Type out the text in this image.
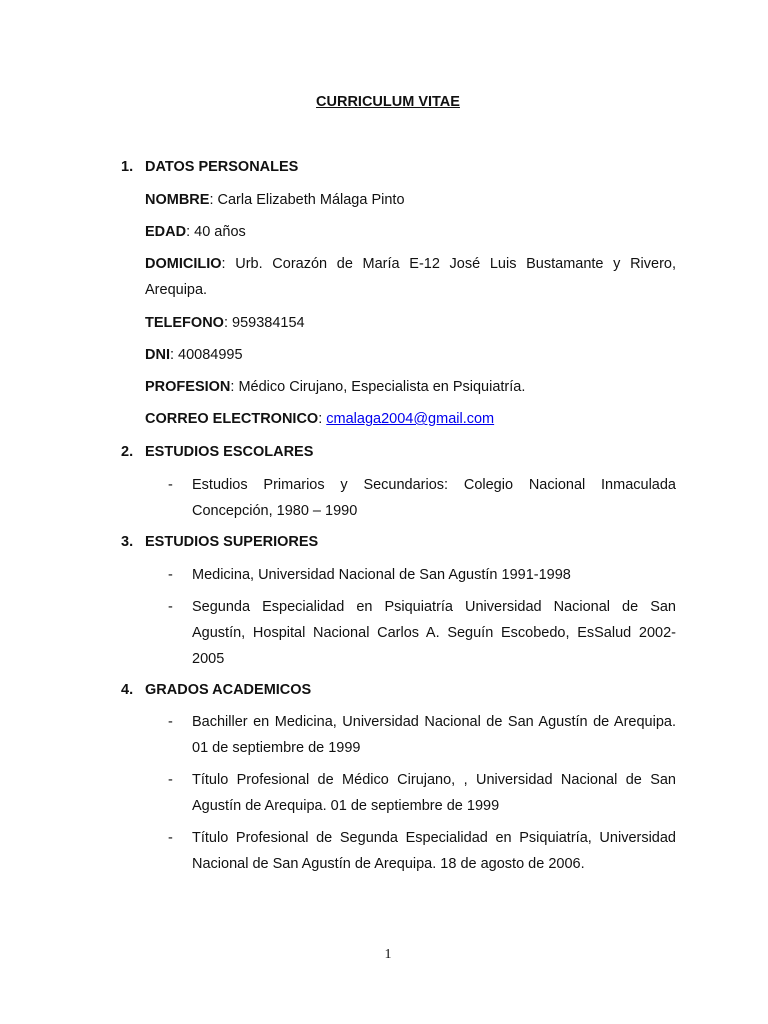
CURRICULUM VITAE
1. DATOS PERSONALES
NOMBRE: Carla Elizabeth Málaga Pinto
EDAD: 40 años
DOMICILIO: Urb. Corazón de María E-12 José Luis Bustamante y Rivero, Arequipa.
TELEFONO: 959384154
DNI: 40084995
PROFESION: Médico Cirujano, Especialista en Psiquiatría.
CORREO ELECTRONICO: cmalaga2004@gmail.com
2. ESTUDIOS ESCOLARES
- Estudios Primarios y Secundarios: Colegio Nacional Inmaculada Concepción, 1980 – 1990
3. ESTUDIOS SUPERIORES
- Medicina, Universidad Nacional de San Agustín 1991-1998
- Segunda Especialidad en Psiquiatría Universidad Nacional de San Agustín, Hospital Nacional Carlos A. Seguín Escobedo, EsSalud 2002-2005
4. GRADOS ACADEMICOS
- Bachiller en Medicina, Universidad Nacional de San Agustín de Arequipa. 01 de septiembre de 1999
- Título Profesional de Médico Cirujano, , Universidad Nacional de San Agustín de Arequipa. 01 de septiembre de 1999
- Título Profesional de Segunda Especialidad en Psiquiatría, Universidad Nacional de San Agustín de Arequipa. 18 de agosto de 2006.
1
